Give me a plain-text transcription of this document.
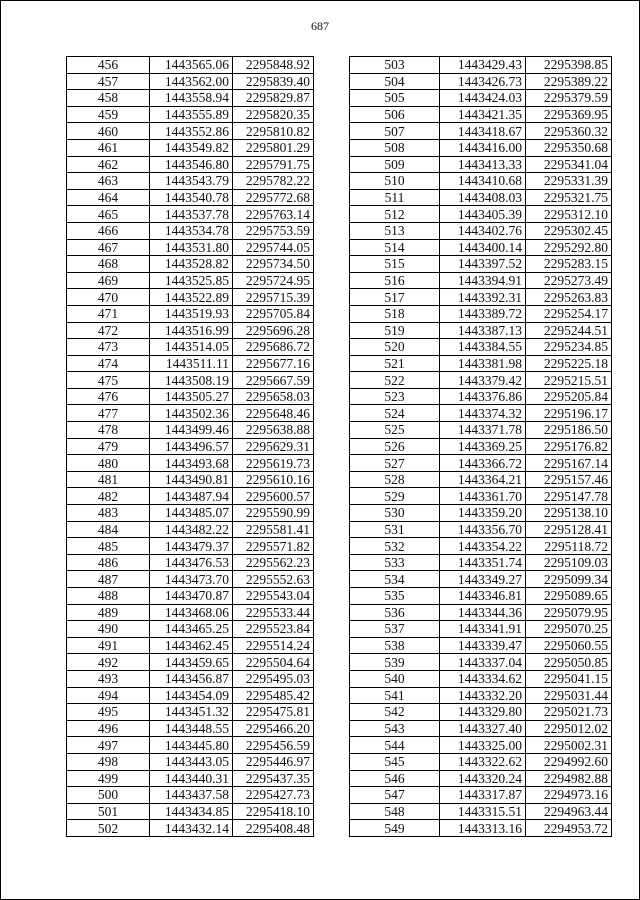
687
456	1443565.06	2295848.92
457	1443562.00	2295839.40
458	1443558.94	2295829.87
459	1443555.89	2295820.35
460	1443552.86	2295810.82
461	1443549.82	2295801.29
462	1443546.80	2295791.75
463	1443543.79	2295782.22
464	1443540.78	2295772.68
465	1443537.78	2295763.14
466	1443534.78	2295753.59
467	1443531.80	2295744.05
468	1443528.82	2295734.50
469	1443525.85	2295724.95
470	1443522.89	2295715.39
471	1443519.93	2295705.84
472	1443516.99	2295696.28
473	1443514.05	2295686.72
474	1443511.11	2295677.16
475	1443508.19	2295667.59
476	1443505.27	2295658.03
477	1443502.36	2295648.46
478	1443499.46	2295638.88
479	1443496.57	2295629.31
480	1443493.68	2295619.73
481	1443490.81	2295610.16
482	1443487.94	2295600.57
483	1443485.07	2295590.99
484	1443482.22	2295581.41
485	1443479.37	2295571.82
486	1443476.53	2295562.23
487	1443473.70	2295552.63
488	1443470.87	2295543.04
489	1443468.06	2295533.44
490	1443465.25	2295523.84
491	1443462.45	2295514.24
492	1443459.65	2295504.64
493	1443456.87	2295495.03
494	1443454.09	2295485.42
495	1443451.32	2295475.81
496	1443448.55	2295466.20
497	1443445.80	2295456.59
498	1443443.05	2295446.97
499	1443440.31	2295437.35
500	1443437.58	2295427.73
501	1443434.85	2295418.10
502	1443432.14	2295408.48
503	1443429.43	2295398.85
504	1443426.73	2295389.22
505	1443424.03	2295379.59
506	1443421.35	2295369.95
507	1443418.67	2295360.32
508	1443416.00	2295350.68
509	1443413.33	2295341.04
510	1443410.68	2295331.39
511	1443408.03	2295321.75
512	1443405.39	2295312.10
513	1443402.76	2295302.45
514	1443400.14	2295292.80
515	1443397.52	2295283.15
516	1443394.91	2295273.49
517	1443392.31	2295263.83
518	1443389.72	2295254.17
519	1443387.13	2295244.51
520	1443384.55	2295234.85
521	1443381.98	2295225.18
522	1443379.42	2295215.51
523	1443376.86	2295205.84
524	1443374.32	2295196.17
525	1443371.78	2295186.50
526	1443369.25	2295176.82
527	1443366.72	2295167.14
528	1443364.21	2295157.46
529	1443361.70	2295147.78
530	1443359.20	2295138.10
531	1443356.70	2295128.41
532	1443354.22	2295118.72
533	1443351.74	2295109.03
534	1443349.27	2295099.34
535	1443346.81	2295089.65
536	1443344.36	2295079.95
537	1443341.91	2295070.25
538	1443339.47	2295060.55
539	1443337.04	2295050.85
540	1443334.62	2295041.15
541	1443332.20	2295031.44
542	1443329.80	2295021.73
543	1443327.40	2295012.02
544	1443325.00	2295002.31
545	1443322.62	2294992.60
546	1443320.24	2294982.88
547	1443317.87	2294973.16
548	1443315.51	2294963.44
549	1443313.16	2294953.72
